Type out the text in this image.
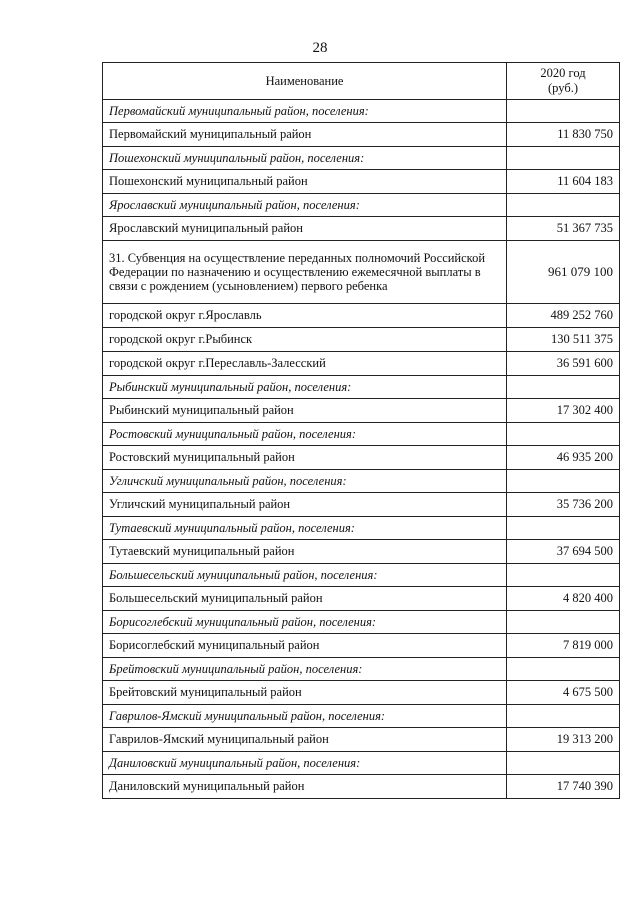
28
Наименование	2020 год
(руб.)
Первомайский муниципальный район, поселения:	
Первомайский муниципальный район	11 830 750
Пошехонский муниципальный район, поселения:	
Пошехонский муниципальный район	11 604 183
Ярославский муниципальный район, поселения:	
Ярославский муниципальный район	51 367 735
31. Субвенция на осуществление переданных полномочий Российской Федерации по назначению и осуществлению ежемесячной выплаты в связи с рождением (усыновлением) первого ребенка	961 079 100
городской округ г.Ярославль	489 252 760
городской округ г.Рыбинск	130 511 375
городской округ г.Переславль-Залесский	36 591 600
Рыбинский муниципальный район, поселения:	
Рыбинский муниципальный район	17 302 400
Ростовский муниципальный район, поселения:	
Ростовский муниципальный район	46 935 200
Угличский муниципальный район, поселения:	
Угличский муниципальный район	35 736 200
Тутаевский муниципальный район, поселения:	
Тутаевский муниципальный район	37 694 500
Большесельский муниципальный район, поселения:	
Большесельский муниципальный район	4 820 400
Борисоглебский муниципальный район, поселения:	
Борисоглебский муниципальный район	7 819 000
Брейтовский муниципальный район, поселения:	
Брейтовский муниципальный район	4 675 500
Гаврилов-Ямский муниципальный район, поселения:	
Гаврилов-Ямский муниципальный район	19 313 200
Даниловский муниципальный район, поселения:	
Даниловский муниципальный район	17 740 390
